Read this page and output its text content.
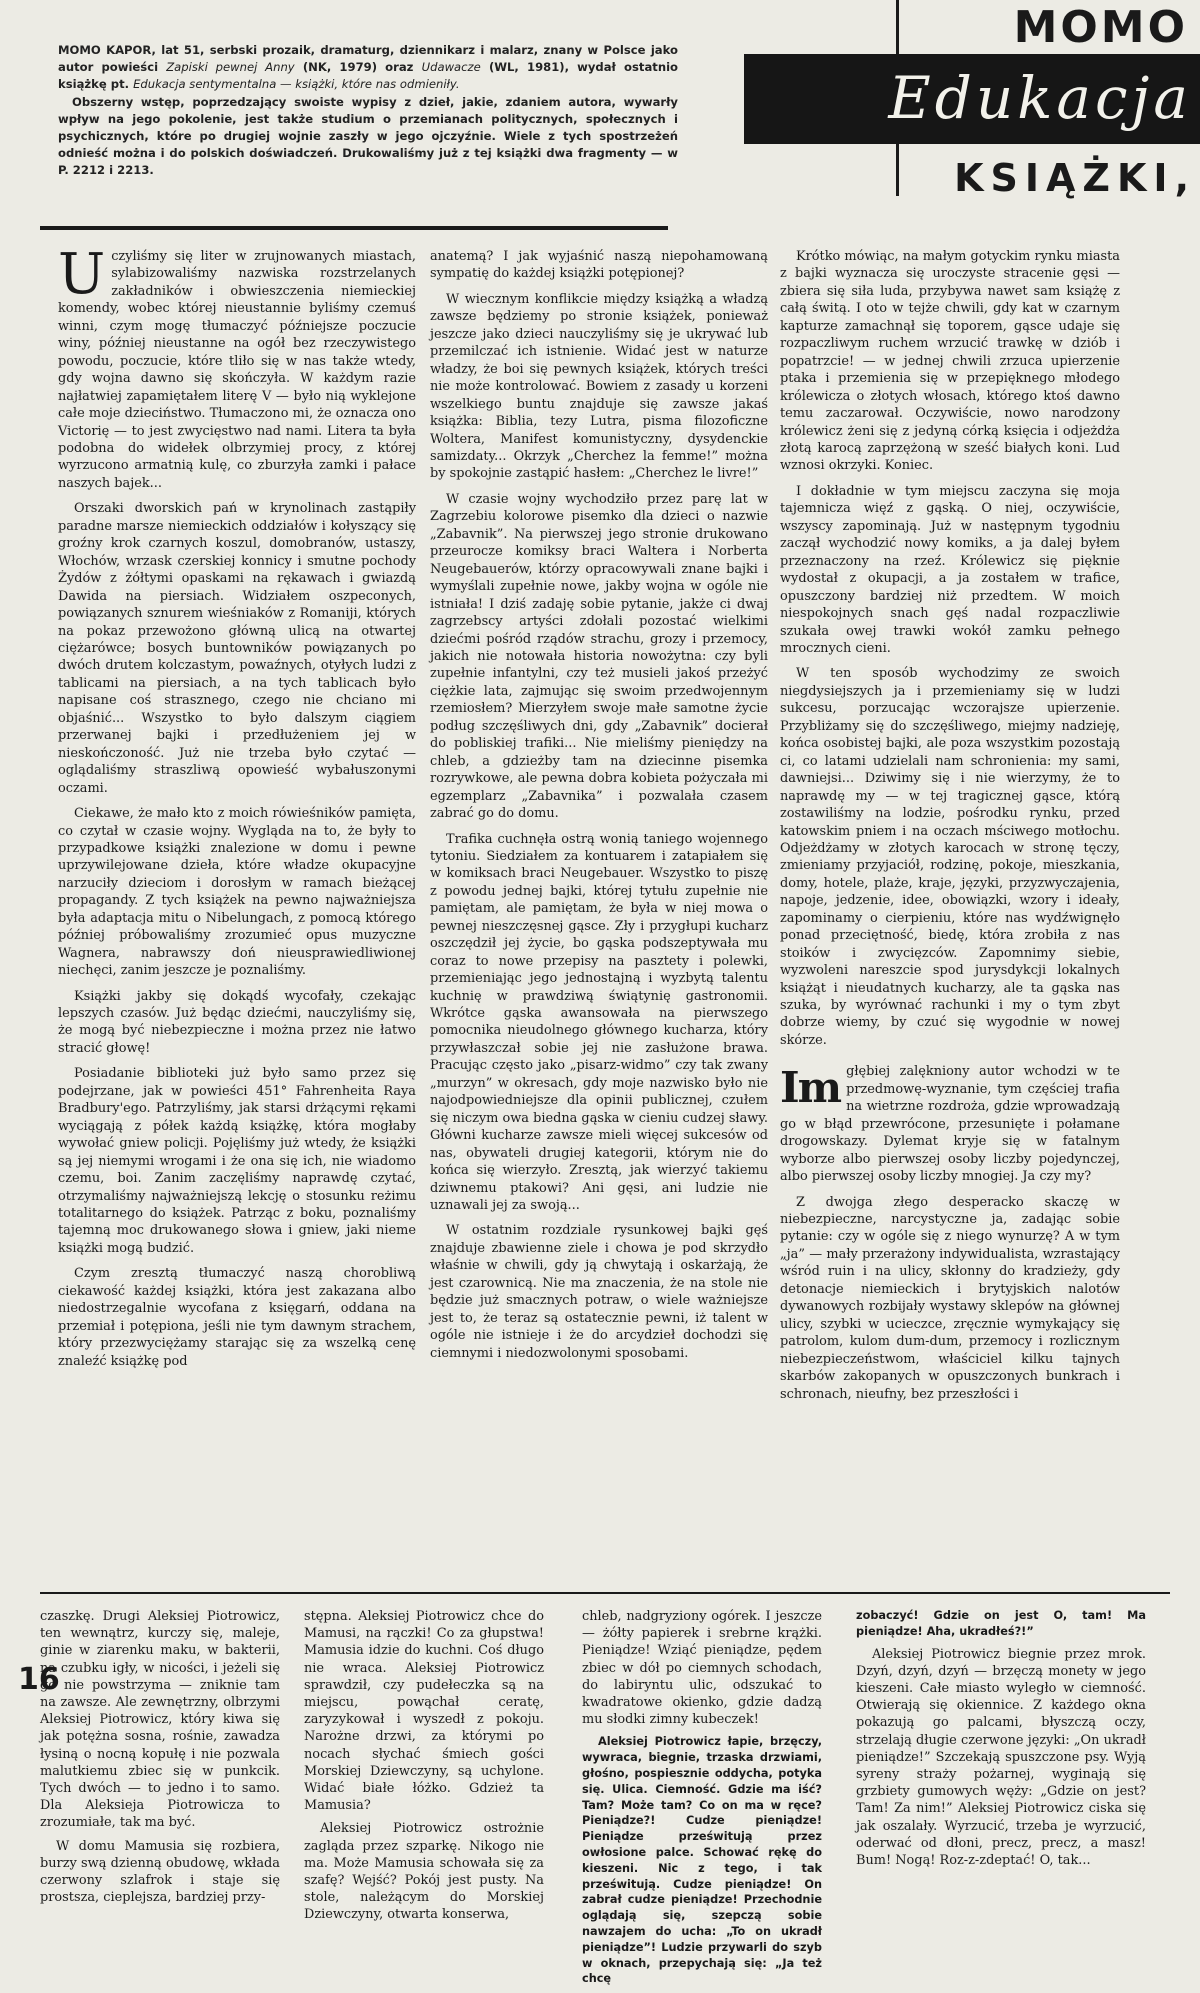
MOMO
Edukacja
KSIĄŻKI,

MOMO KAPOR, lat 51, serbski prozaik, dramaturg, dziennikarz i malarz, znany w Polsce jako autor powieści Zapiski pewnej Anny (NK, 1979) oraz Udawacze (WL, 1981), wydał ostatnio książkę pt. Edukacja sentymentalna — książki, które nas odmieniły.

Obszerny wstęp, poprzedzający swoiste wypisy z dzieł, jakie, zdaniem autora, wywarły wpływ na jego pokolenie, jest także studium o przemianach politycznych, społecznych i psychicznych, które po drugiej wojnie zaszły w jego ojczyźnie. Wiele z tych spostrzeżeń odnieść można i do polskich doświadczeń. Drukowaliśmy już z tej książki dwa fragmenty — w P. 2212 i 2213.

Uczyliśmy się liter w zrujnowanych miastach, sylabizowaliśmy nazwiska rozstrzelanych zakładników i obwieszczenia niemieckiej komendy, wobec której nieustannie byliśmy czemuś winni, czym mogę tłumaczyć późniejsze poczucie winy, później nieustanne na ogół bez rzeczywistego powodu, poczucie, które tliło się w nas także wtedy, gdy wojna dawno się skończyła. W każdym razie najłatwiej zapamiętałem literę V — było nią wyklejone całe moje dzieciństwo. Tłumaczono mi, że oznacza ono Victorię — to jest zwycięstwo nad nami. Litera ta była podobna do widełek olbrzymiej procy, z której wyrzucono armatnią kulę, co zburzyła zamki i pałace naszych bajek...

Orszaki dworskich pań w krynolinach zastąpiły paradne marsze niemieckich oddziałów i kołyszący się groźny krok czarnych koszul, domobranów, ustaszy, Włochów, wrzask czerskiej konnicy i smutne pochody Żydów z żółtymi opaskami na rękawach i gwiazdą Dawida na piersiach. Widziałem oszpeconych, powiązanych sznurem wieśniaków z Romaniji, których na pokaz przewożono główną ulicą na otwartej ciężarówce; bosych buntowników powiązanych po dwóch drutem kolczastym, powaźnych, otyłych ludzi z tablicami na piersiach, a na tych tablicach było napisane coś strasznego, czego nie chciano mi objaśnić... Wszystko to było dalszym ciągiem przerwanej bajki i przedłużeniem jej w nieskończoność. Już nie trzeba było czytać — oglądaliśmy straszliwą opowieść wybałuszonymi oczami.

Ciekawe, że mało kto z moich rówieśników pamięta, co czytał w czasie wojny. Wygląda na to, że były to przypadkowe książki znalezione w domu i pewne uprzywilejowane dzieła, które władze okupacyjne narzuciły dzieciom i dorosłym w ramach bieżącej propagandy. Z tych książek na pewno najważniejsza była adaptacja mitu o Nibelungach, z pomocą którego później próbowaliśmy zrozumieć opus muzyczne Wagnera, nabrawszy doń nieusprawiedliwionej niechęci, zanim jeszcze je poznaliśmy.

Książki jakby się dokądś wycofały, czekając lepszych czasów. Już będąc dziećmi, nauczyliśmy się, że mogą być niebezpieczne i można przez nie łatwo stracić głowę!

Posiadanie biblioteki już było samo przez się podejrzane, jak w powieści 451° Fahrenheita Raya Bradbury'ego. Patrzyliśmy, jak starsi drżącymi rękami wyciągają z półek każdą książkę, która mogłaby wywołać gniew policji. Pojęliśmy już wtedy, że książki są jej niemymi wrogami i że ona się ich, nie wiadomo czemu, boi. Zanim zaczęliśmy naprawdę czytać, otrzymaliśmy najważniejszą lekcję o stosunku reżimu totalitarnego do książek. Patrząc z boku, poznaliśmy tajemną moc drukowanego słowa i gniew, jaki nieme książki mogą budzić.

Czym zresztą tłumaczyć naszą chorobliwą ciekawość każdej książki, która jest zakazana albo niedostrzegalnie wycofana z księgarń, oddana na przemiał i potępiona, jeśli nie tym dawnym strachem, który przezwyciężamy starając się za wszelką cenę znaleźć książkę pod

anatemą? I jak wyjaśnić naszą niepohamowaną sympatię do każdej książki potępionej?

W wiecznym konflikcie między książką a władzą zawsze będziemy po stronie książek, ponieważ jeszcze jako dzieci nauczyliśmy się je ukrywać lub przemilczać ich istnienie. Widać jest w naturze władzy, że boi się pewnych książek, których treści nie może kontrolować. Bowiem z zasady u korzeni wszelkiego buntu znajduje się zawsze jakaś książka: Biblia, tezy Lutra, pisma filozoficzne Woltera, Manifest komunistyczny, dysydenckie samizdaty... Okrzyk „Cherchez la femme!” można by spokojnie zastąpić hasłem: „Cherchez le livre!”

W czasie wojny wychodziło przez parę lat w Zagrzebiu kolorowe pisemko dla dzieci o nazwie „Zabavnik”. Na pierwszej jego stronie drukowano przeurocze komiksy braci Waltera i Norberta Neugebauerów, którzy opracowywali znane bajki i wymyślali zupełnie nowe, jakby wojna w ogóle nie istniała! I dziś zadaję sobie pytanie, jakże ci dwaj zagrzebscy artyści zdołali pozostać wielkimi dziećmi pośród rządów strachu, grozy i przemocy, jakich nie notowała historia nowożytna: czy byli zupełnie infantylni, czy też musieli jakoś przeżyć ciężkie lata, zajmując się swoim przedwojennym rzemiosłem? Mierzyłem swoje małe samotne życie podług szczęśliwych dni, gdy „Zabavnik” docierał do pobliskiej trafiki... Nie mieliśmy pieniędzy na chleb, a gdzieżby tam na dziecinne pisemka rozrywkowe, ale pewna dobra kobieta pożyczała mi egzemplarz „Zabavnika” i pozwalała czasem zabrać go do domu.

Trafika cuchnęła ostrą wonią taniego wojennego tytoniu. Siedziałem za kontuarem i zatapiałem się w komiksach braci Neugebauer. Wszystko to piszę z powodu jednej bajki, której tytułu zupełnie nie pamiętam, ale pamiętam, że była w niej mowa o pewnej nieszczęsnej gąsce. Zły i przygłupi kucharz oszczędził jej życie, bo gąska podszeptywała mu coraz to nowe przepisy na pasztety i polewki, przemieniając jego jednostajną i wyzbytą talentu kuchnię w prawdziwą świątynię gastronomii. Wkrótce gąska awansowała na pierwszego pomocnika nieudolnego głównego kucharza, który przywłaszczał sobie jej nie zasłużone brawa. Pracując często jako „pisarz-widmo” czy tak zwany „murzyn” w okresach, gdy moje nazwisko było nie najodpowiedniejsze dla opinii publicznej, czułem się niczym owa biedna gąska w cieniu cudzej sławy. Główni kucharze zawsze mieli więcej sukcesów od nas, obywateli drugiej kategorii, którym nie do końca się wierzyło. Zresztą, jak wierzyć takiemu dziwnemu ptakowi? Ani gęsi, ani ludzie nie uznawali jej za swoją...

W ostatnim rozdziale rysunkowej bajki gęś znajduje zbawienne ziele i chowa je pod skrzydło właśnie w chwili, gdy ją chwytają i oskarżają, że jest czarownicą. Nie ma znaczenia, że na stole nie będzie już smacznych potraw, o wiele ważniejsze jest to, że teraz są ostatecznie pewni, iż talent w ogóle nie istnieje i że do arcydzieł dochodzi się ciemnymi i niedozwolonymi sposobami.

Krótko mówiąc, na małym gotyckim rynku miasta z bajki wyznacza się uroczyste stracenie gęsi — zbiera się siła luda, przybywa nawet sam książę z całą świtą. I oto w tejże chwili, gdy kat w czarnym kapturze zamachnął się toporem, gąsce udaje się rozpaczliwym ruchem wrzucić trawkę w dziób i popatrzcie! — w jednej chwili zrzuca upierzenie ptaka i przemienia się w przepięknego młodego królewicza o złotych włosach, którego ktoś dawno temu zaczarował. Oczywiście, nowo narodzony królewicz żeni się z jedyną córką księcia i odjeżdża złotą karocą zaprzężoną w sześć białych koni. Lud wznosi okrzyki. Koniec.

I dokładnie w tym miejscu zaczyna się moja tajemnicza więź z gąską. O niej, oczywiście, wszyscy zapominają. Już w następnym tygodniu zaczął wychodzić nowy komiks, a ja dalej byłem przeznaczony na rzeź. Królewicz się pięknie wydostał z okupacji, a ja zostałem w trafice, opuszczony bardziej niż przedtem. W moich niespokojnych snach gęś nadal rozpaczliwie szukała owej trawki wokół zamku pełnego mrocznych cieni.

W ten sposób wychodzimy ze swoich niegdysiejszych ja i przemieniamy się w ludzi sukcesu, porzucając wczorajsze upierzenie. Przybliżamy się do szczęśliwego, miejmy nadzieję, końca osobistej bajki, ale poza wszystkim pozostają ci, co latami udzielali nam schronienia: my sami, dawniejsi... Dziwimy się i nie wierzymy, że to naprawdę my — w tej tragicznej gąsce, którą zostawiliśmy na lodzie, pośrodku rynku, przed katowskim pniem i na oczach mściwego motłochu. Odjeżdżamy w złotych karocach w stronę tęczy, zmieniamy przyjaciół, rodzinę, pokoje, mieszkania, domy, hotele, plaże, kraje, języki, przyzwyczajenia, napoje, jedzenie, idee, obowiązki, wzory i ideały, zapominamy o cierpieniu, które nas wydźwignęło ponad przeciętność, biedę, która zrobiła z nas stoików i zwycięzców. Zapomnimy siebie, wyzwoleni nareszcie spod jurysdykcji lokalnych książąt i nieudatnych kucharzy, ale ta gąska nas szuka, by wyrównać rachunki i my o tym zbyt dobrze wiemy, by czuć się wygodnie w nowej skórze.

Im głębiej zalękniony autor wchodzi w te przedmowę-wyznanie, tym częściej trafia na wietrzne rozdroża, gdzie wprowadzają go w błąd przewrócone, przesunięte i połamane drogowskazy. Dylemat kryje się w fatalnym wyborze albo pierwszej osoby liczby pojedynczej, albo pierwszej osoby liczby mnogiej. Ja czy my?

Z dwojga złego desperacko skaczę w niebezpieczne, narcystyczne ja, zadając sobie pytanie: czy w ogóle się z niego wynurzę? A w tym „ja” — mały przerażony indywidualista, wzrastający wśród ruin i na ulicy, skłonny do kradzieży, gdy detonacje niemieckich i brytyjskich nalotów dywanowych rozbijały wystawy sklepów na głównej ulicy, szybki w ucieczce, zręcznie wymykający się patrolom, kulom dum-dum, przemocy i rozlicznym niebezpieczeństwom, właściciel kilku tajnych skarbów zakopanych w opuszczonych bunkrach i schronach, nieufny, bez przeszłości i

czaszkę. Drugi Aleksiej Piotrowicz, ten wewnątrz, kurczy się, maleje, ginie w ziarenku maku, w bakterii, na czubku igły, w nicości, i jeżeli się go nie powstrzyma — zniknie tam na zawsze. Ale zewnętrzny, olbrzymi Aleksiej Piotrowicz, który kiwa się jak potężna sosna, rośnie, zawadza łysiną o nocną kopułę i nie pozwala malutkiemu zbiec się w punkcik. Tych dwóch — to jedno i to samo. Dla Aleksieja Piotrowicza to zrozumiałe, tak ma być.

W domu Mamusia się rozbiera, burzy swą dzienną obudowę, wkłada czerwony szlafrok i staje się prostsza, cieplejsza, bardziej przy-

stępna. Aleksiej Piotrowicz chce do Mamusi, na rączki! Co za głupstwa! Mamusia idzie do kuchni. Coś długo nie wraca. Aleksiej Piotrowicz sprawdził, czy pudełeczka są na miejscu, powąchał ceratę, zaryzykował i wyszedł z pokoju. Narożne drzwi, za którymi po nocach słychać śmiech gości Morskiej Dziewczyny, są uchylone. Widać białe łóżko. Gdzież ta Mamusia?

Aleksiej Piotrowicz ostrożnie zagląda przez szparkę. Nikogo nie ma. Może Mamusia schowała się za szafę? Wejść? Pokój jest pusty. Na stole, należącym do Morskiej Dziewczyny, otwarta konserwa,

chleb, nadgryziony ogórek. I jeszcze — żółty papierek i srebrne krążki. Pieniądze! Wziąć pieniądze, pędem zbiec w dół po ciemnych schodach, do labiryntu ulic, odszukać to kwadratowe okienko, gdzie dadzą mu słodki zimny kubeczek!

Aleksiej Piotrowicz łapie, brzęczy, wywraca, biegnie, trzaska drzwiami, głośno, pospiesznie oddycha, potyka się. Ulica. Ciemność. Gdzie ma iść? Tam? Może tam? Co on ma w ręce? Pieniądze?! Cudze pieniądze! Pieniądze prześwitują przez owłosione palce. Schować rękę do kieszeni. Nic z tego, i tak prześwitują. Cudze pieniądze! On zabrał cudze pieniądze! Przechodnie oglądają się, szepczą sobie nawzajem do ucha: „To on ukradł pieniądze”! Ludzie przywarli do szyb w oknach, przepychają się: „Ja też chcę

zobaczyć! Gdzie on jest O, tam! Ma pieniądze! Aha, ukradłeś?!”

Aleksiej Piotrowicz biegnie przez mrok. Dzyń, dzyń, dzyń — brzęczą monety w jego kieszeni. Całe miasto wyległo w ciemność. Otwierają się okiennice. Z każdego okna pokazują go palcami, błyszczą oczy, strzelają długie czerwone języki: „On ukradł pieniądze!” Szczekają spuszczone psy. Wyją syreny straży pożarnej, wyginają się grzbiety gumowych węży: „Gdzie on jest? Tam! Za nim!” Aleksiej Piotrowicz ciska się jak oszalały. Wyrzucić, trzeba je wyrzucić, oderwać od dłoni, precz, precz, a masz! Bum! Nogą! Roz-z-zdeptać! O, tak...

16
